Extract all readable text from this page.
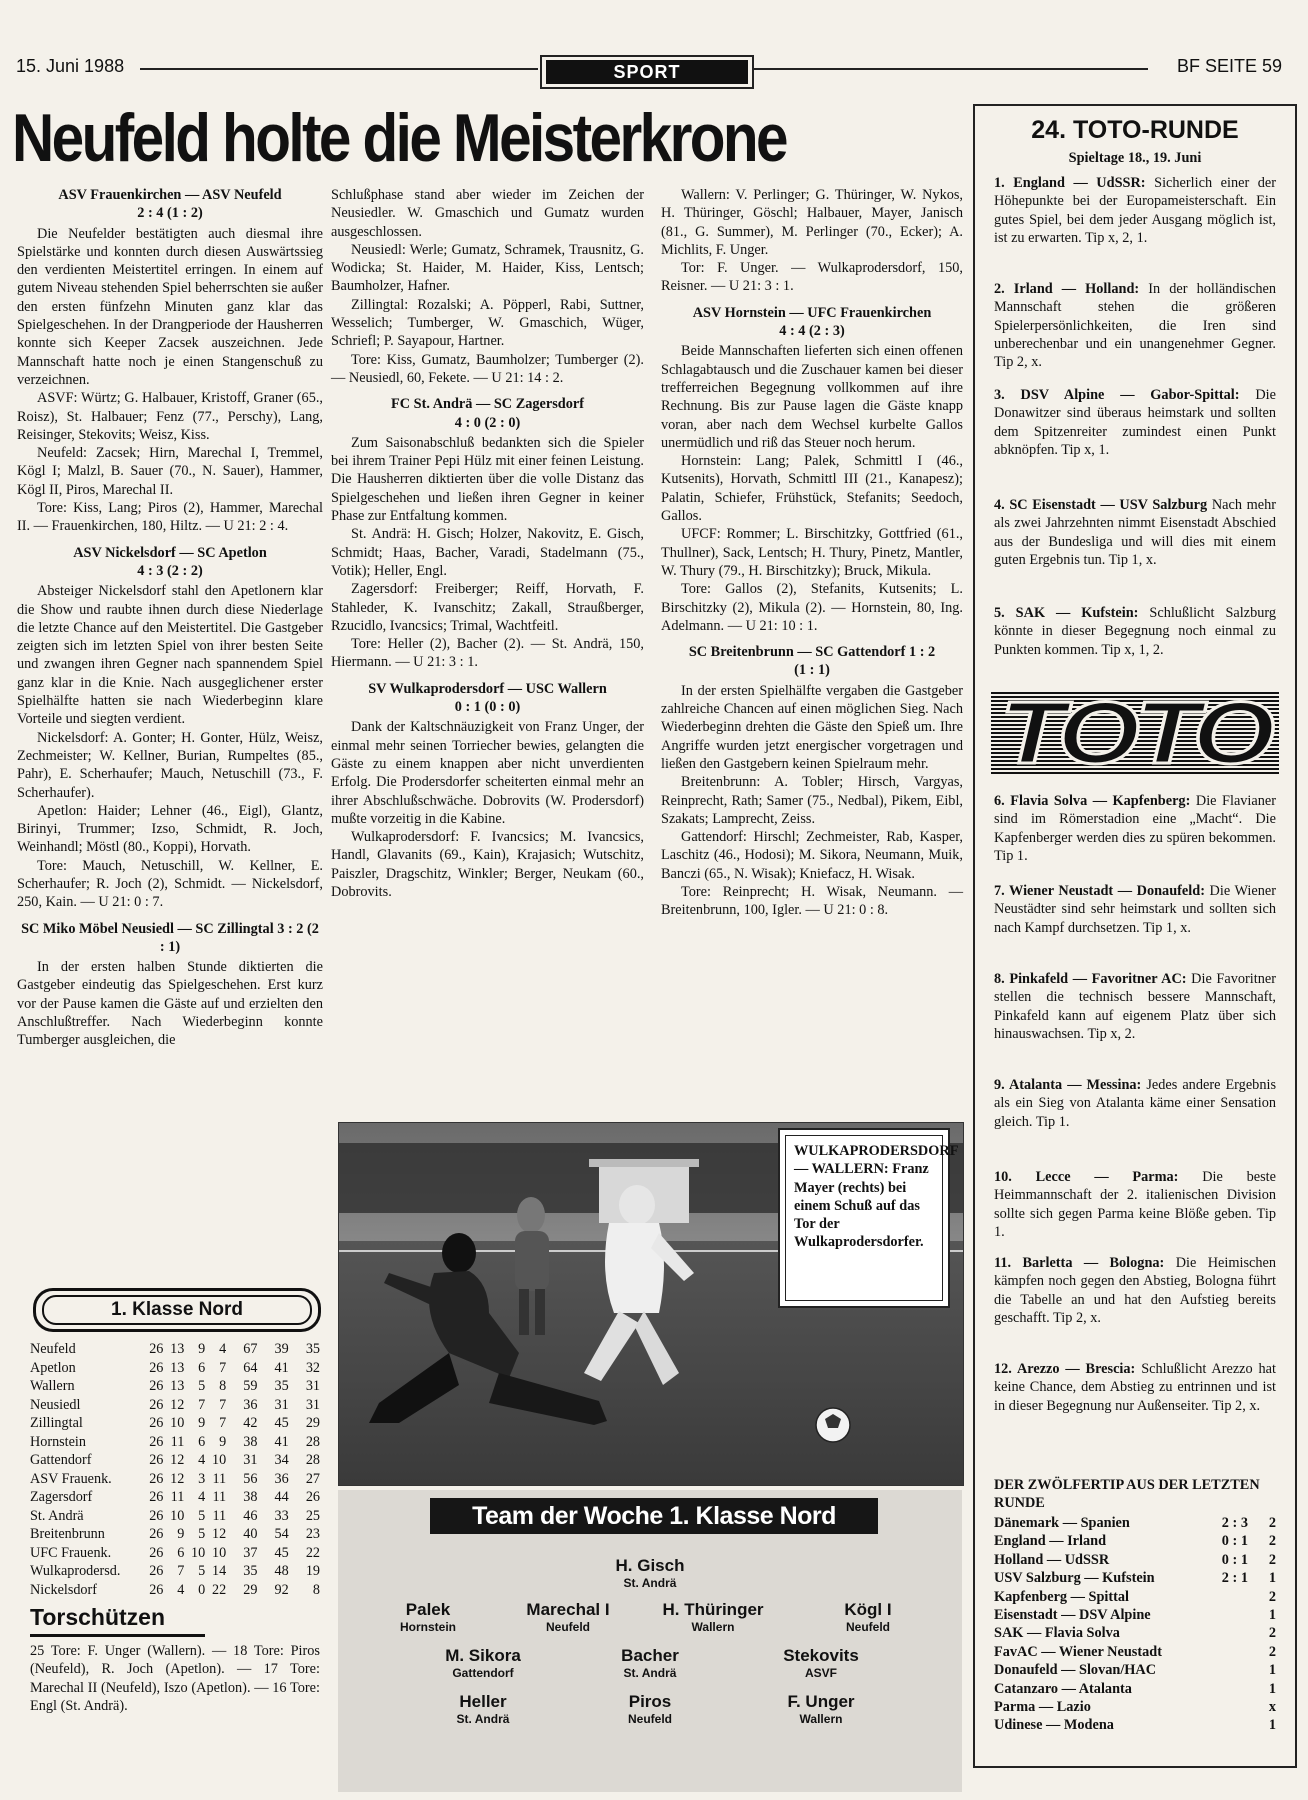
15. Juni 1988	SPORT	BF SEITE 59
Neufeld holte die Meisterkrone

ASV Frauenkirchen — ASV Neufeld

2 : 4 (1 : 2)

Die Neufelder bestätigten auch diesmal ihre Spielstärke und konnten durch diesen Auswärtssieg den verdienten Meistertitel erringen. In einem auf gutem Niveau stehenden Spiel beherrschten sie außer den ersten fünfzehn Minuten ganz klar das Spielgeschehen. In der Drangperiode der Hausherren konnte sich Keeper Zacsek auszeichnen. Jede Mannschaft hatte noch je einen Stangenschuß zu verzeichnen.

ASVF: Würtz; G. Halbauer, Kristoff, Graner (65., Roisz), St. Halbauer; Fenz (77., Perschy), Lang, Reisinger, Stekovits; Weisz, Kiss.

Neufeld: Zacsek; Hirn, Marechal I, Tremmel, Kögl I; Malzl, B. Sauer (70., N. Sauer), Hammer, Kögl II, Piros, Marechal II.

Tore: Kiss, Lang; Piros (2), Hammer, Marechal II. — Frauenkirchen, 180, Hiltz. — U 21: 2 : 4.

ASV Nickelsdorf — SC Apetlon

4 : 3 (2 : 2)

Absteiger Nickelsdorf stahl den Apetlonern klar die Show und raubte ihnen durch diese Niederlage die letzte Chance auf den Meistertitel. Die Gastgeber zeigten sich im letzten Spiel von ihrer besten Seite und zwangen ihren Gegner nach spannendem Spiel ganz klar in die Knie. Nach ausgeglichener erster Spielhälfte hatten sie nach Wiederbeginn klare Vorteile und siegten verdient.

Nickelsdorf: A. Gonter; H. Gonter, Hülz, Weisz, Zechmeister; W. Kellner, Burian, Rumpeltes (85., Pahr), E. Scherhaufer; Mauch, Netuschill (73., F. Scherhaufer).

Apetlon: Haider; Lehner (46., Eigl), Glantz, Birinyi, Trummer; Izso, Schmidt, R. Joch, Weinhandl; Möstl (80., Koppi), Horvath.

Tore: Mauch, Netuschill, W. Kellner, E. Scherhaufer; R. Joch (2), Schmidt. — Nickelsdorf, 250, Kain. — U 21: 0 : 7.

SC Miko Möbel Neusiedl — SC Zillingtal 3 : 2 (2 : 1)

In der ersten halben Stunde diktierten die Gastgeber eindeutig das Spielgeschehen. Erst kurz vor der Pause kamen die Gäste auf und erzielten den Anschlußtreffer. Nach Wiederbeginn konnte Tumberger ausgleichen, die

Schlußphase stand aber wieder im Zeichen der Neusiedler. W. Gmaschich und Gumatz wurden ausgeschlossen.

Neusiedl: Werle; Gumatz, Schramek, Trausnitz, G. Wodicka; St. Haider, M. Haider, Kiss, Lentsch; Baumholzer, Hafner.

Zillingtal: Rozalski; A. Pöpperl, Rabi, Suttner, Wesselich; Tumberger, W. Gmaschich, Wüger, Schriefl; P. Sayapour, Hartner.

Tore: Kiss, Gumatz, Baumholzer; Tumberger (2). — Neusiedl, 60, Fekete. — U 21: 14 : 2.

FC St. Andrä — SC Zagersdorf

4 : 0 (2 : 0)

Zum Saisonabschluß bedankten sich die Spieler bei ihrem Trainer Pepi Hülz mit einer feinen Leistung. Die Hausherren diktierten über die volle Distanz das Spielgeschehen und ließen ihren Gegner in keiner Phase zur Entfaltung kommen.

St. Andrä: H. Gisch; Holzer, Nakovitz, E. Gisch, Schmidt; Haas, Bacher, Varadi, Stadelmann (75., Votik); Heller, Engl.

Zagersdorf: Freiberger; Reiff, Horvath, F. Stahleder, K. Ivanschitz; Zakall, Straußberger, Rzucidlo, Ivancsics; Trimal, Wachtfeitl.

Tore: Heller (2), Bacher (2). — St. Andrä, 150, Hiermann. — U 21: 3 : 1.

SV Wulkaprodersdorf — USC Wallern

0 : 1 (0 : 0)

Dank der Kaltschnäuzigkeit von Franz Unger, der einmal mehr seinen Torriecher bewies, gelangten die Gäste zu einem knappen aber nicht unverdienten Erfolg. Die Prodersdorfer scheiterten einmal mehr an ihrer Abschlußschwäche. Dobrovits (W. Prodersdorf) mußte vorzeitig in die Kabine.

Wulkaprodersdorf: F. Ivancsics; M. Ivancsics, Handl, Glavanits (69., Kain), Krajasich; Wutschitz, Paiszler, Dragschitz, Winkler; Berger, Neukam (60., Dobrovits.

Wallern: V. Perlinger; G. Thüringer, W. Nykos, H. Thüringer, Göschl; Halbauer, Mayer, Janisch (81., G. Summer), M. Perlinger (70., Ecker); A. Michlits, F. Unger.

Tor: F. Unger. — Wulkaprodersdorf, 150, Reisner. — U 21: 3 : 1.

ASV Hornstein — UFC Frauenkirchen

4 : 4 (2 : 3)

Beide Mannschaften lieferten sich einen offenen Schlagabtausch und die Zuschauer kamen bei dieser trefferreichen Begegnung vollkommen auf ihre Rechnung. Bis zur Pause lagen die Gäste knapp voran, aber nach dem Wechsel kurbelte Gallos unermüdlich und riß das Steuer noch herum.

Hornstein: Lang; Palek, Schmittl I (46., Kutsenits), Horvath, Schmittl III (21., Kanapesz); Palatin, Schiefer, Frühstück, Stefanits; Seedoch, Gallos.

UFCF: Rommer; L. Birschitzky, Gottfried (61., Thullner), Sack, Lentsch; H. Thury, Pinetz, Mantler, W. Thury (79., H. Birschitzky); Bruck, Mikula.

Tore: Gallos (2), Stefanits, Kutsenits; L. Birschitzky (2), Mikula (2). — Hornstein, 80, Ing. Adelmann. — U 21: 10 : 1.

SC Breitenbrunn — SC Gattendorf 1 : 2

(1 : 1)

In der ersten Spielhälfte vergaben die Gastgeber zahlreiche Chancen auf einen möglichen Sieg. Nach Wiederbeginn drehten die Gäste den Spieß um. Ihre Angriffe wurden jetzt energischer vorgetragen und ließen den Gastgebern keinen Spielraum mehr.

Breitenbrunn: A. Tobler; Hirsch, Vargyas, Reinprecht, Rath; Samer (75., Nedbal), Pikem, Eibl, Szakats; Lamprecht, Zeiss.

Gattendorf: Hirschl; Zechmeister, Rab, Kasper, Laschitz (46., Hodosi); M. Sikora, Neumann, Muik, Banczi (65., N. Wisak); Kniefacz, H. Wisak.

Tore: Reinprecht; H. Wisak, Neumann. — Breitenbrunn, 100, Igler. — U 21: 0 : 8.

1. Klasse Nord
Neufeld	26	13	9	4	67	39	35
Apetlon	26	13	6	7	64	41	32
Wallern	26	13	5	8	59	35	31
Neusiedl	26	12	7	7	36	31	31
Zillingtal	26	10	9	7	42	45	29
Hornstein	26	11	6	9	38	41	28
Gattendorf	26	12	4	10	31	34	28
ASV Frauenk.	26	12	3	11	56	36	27
Zagersdorf	26	11	4	11	38	44	26
St. Andrä	26	10	5	11	46	33	25
Breitenbrunn	26	9	5	12	40	54	23
UFC Frauenk.	26	6	10	10	37	45	22
Wulkaprodersd.	26	7	5	14	35	48	19
Nickelsdorf	26	4	0	22	29	92	8
Torschützen
25 Tore: F. Unger (Wallern). — 18 Tore: Piros (Neufeld), R. Joch (Apetlon). — 17 Tore: Marechal II (Neufeld), Iszo (Apetlon). — 16 Tore: Engl (St. Andrä).
WULKAPRODERSDORF — WALLERN: Franz Mayer (rechts) bei einem Schuß auf das Tor der Wulkaprodersdorfer.
Team der Woche 1. Klasse Nord
H. Gisch
St. Andrä
Palek
Hornstein
Marechal I
Neufeld
H. Thüringer
Wallern
Kögl I
Neufeld
M. Sikora
Gattendorf
Bacher
St. Andrä
Stekovits
ASVF
Heller
St. Andrä
Piros
Neufeld
F. Unger
Wallern
24. TOTO-RUNDE
Spieltage 18., 19. Juni
1. England — UdSSR: Sicherlich einer der Höhepunkte bei der Europameisterschaft. Ein gutes Spiel, bei dem jeder Ausgang möglich ist, ist zu erwarten. Tip x, 2, 1.
2. Irland — Holland: In der holländischen Mannschaft stehen die größeren Spielerpersönlichkeiten, die Iren sind unberechenbar und ein unangenehmer Gegner. Tip 2, x.
3. DSV Alpine — Gabor-Spittal: Die Donawitzer sind überaus heimstark und sollten dem Spitzenreiter zumindest einen Punkt abknöpfen. Tip x, 1.
4. SC Eisenstadt — USV Salzburg Nach mehr als zwei Jahrzehnten nimmt Eisenstadt Abschied aus der Bundesliga und will dies mit einem guten Ergebnis tun. Tip 1, x.
5. SAK — Kufstein: Schlußlicht Salzburg könnte in dieser Begegnung noch einmal zu Punkten kommen. Tip x, 1, 2.
TOTO
6. Flavia Solva — Kapfenberg: Die Flavianer sind im Römerstadion eine „Macht“. Die Kapfenberger werden dies zu spüren bekommen. Tip 1.
7. Wiener Neustadt — Donaufeld: Die Wiener Neustädter sind sehr heimstark und sollten sich nach Kampf durchsetzen. Tip 1, x.
8. Pinkafeld — Favoritner AC: Die Favoritner stellen die technisch bessere Mannschaft, Pinkafeld kann auf eigenem Platz über sich hinauswachsen. Tip x, 2.
9. Atalanta — Messina: Jedes andere Ergebnis als ein Sieg von Atalanta käme einer Sensation gleich. Tip 1.
10. Lecce — Parma: Die beste Heimmannschaft der 2. italienischen Division sollte sich gegen Parma keine Blöße geben. Tip 1.
11. Barletta — Bologna: Die Heimischen kämpfen noch gegen den Abstieg, Bologna führt die Tabelle an und hat den Aufstieg bereits geschafft. Tip 2, x.
12. Arezzo — Brescia: Schlußlicht Arezzo hat keine Chance, dem Abstieg zu entrinnen und ist in dieser Begegnung nur Außenseiter. Tip 2, x.
DER ZWÖLFERTIP AUS DER LETZTEN RUNDE
Dänemark — Spanien	2 : 3	2
England — Irland	0 : 1	2
Holland — UdSSR	0 : 1	2
USV Salzburg — Kufstein	2 : 1	1
Kapfenberg — Spittal		2
Eisenstadt — DSV Alpine		1
SAK — Flavia Solva		2
FavAC — Wiener Neustadt		2
Donaufeld — Slovan/HAC		1
Catanzaro — Atalanta		1
Parma — Lazio		x
Udinese — Modena		1
